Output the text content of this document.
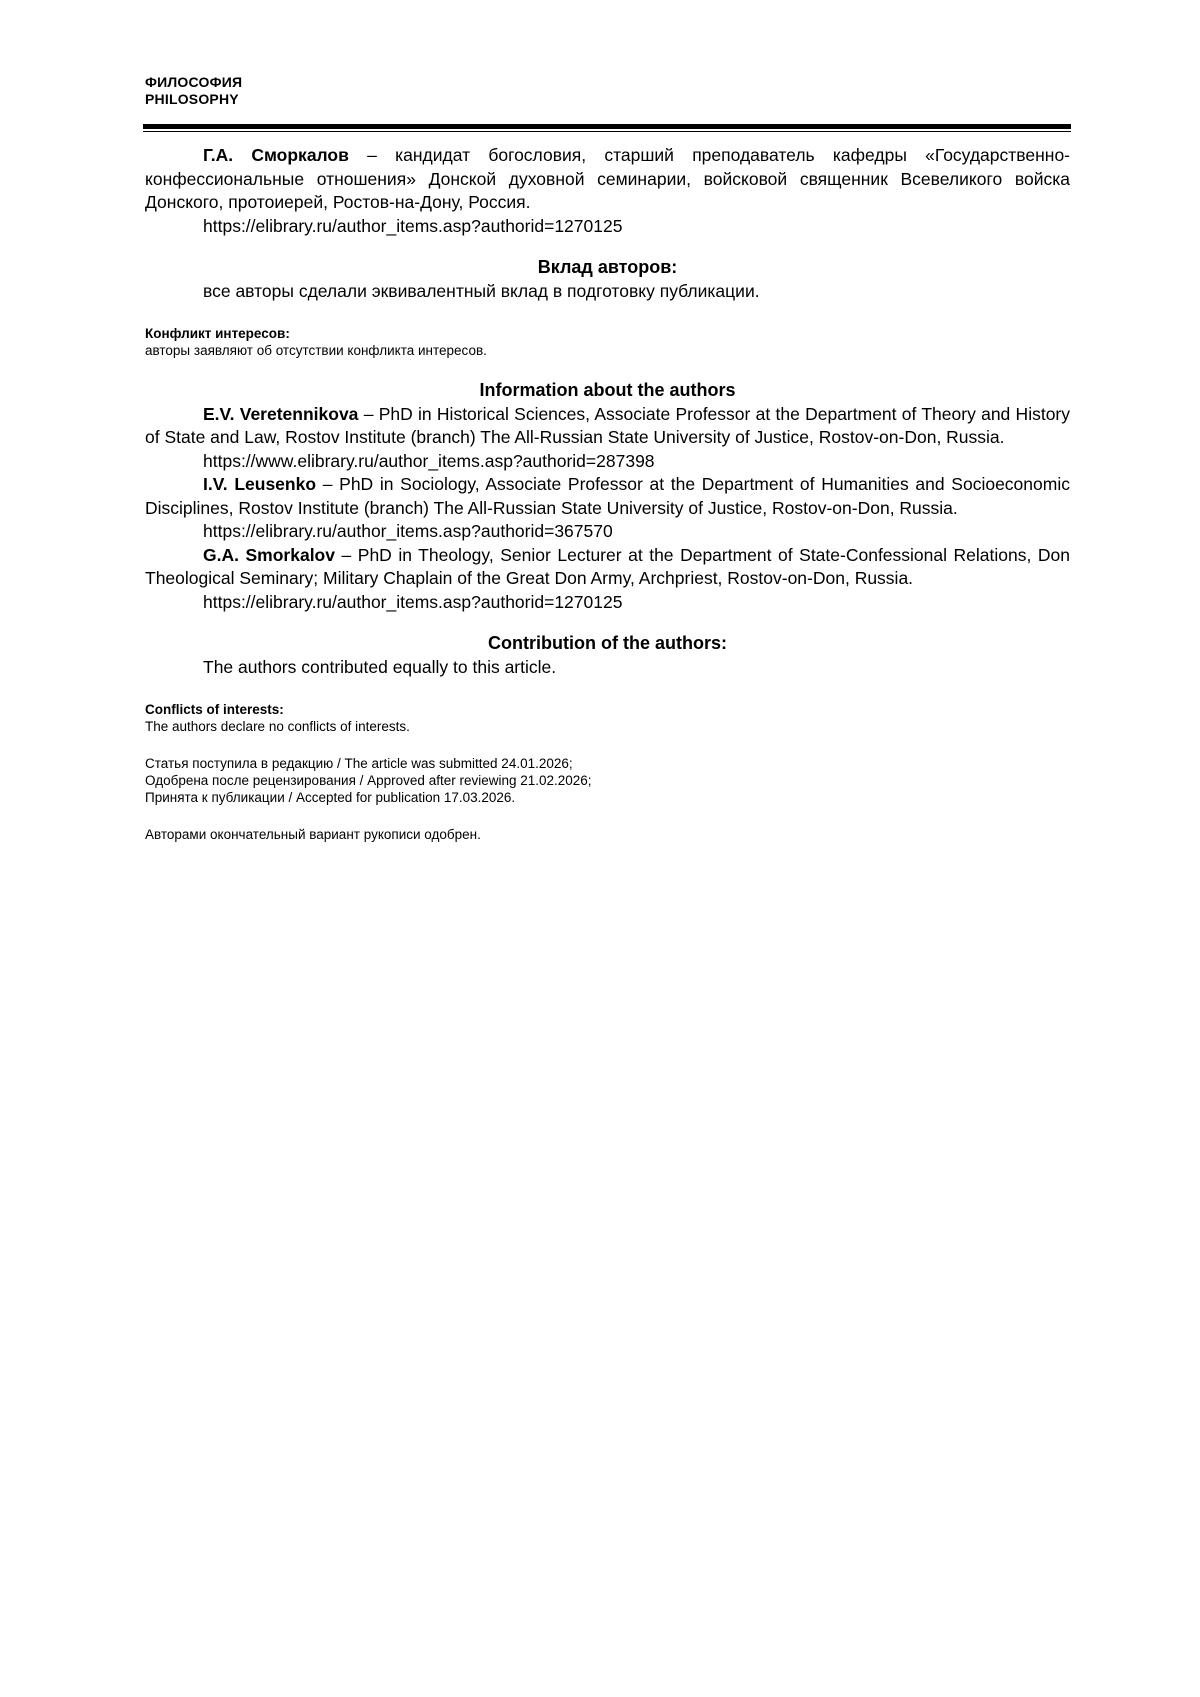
ФИЛОСОФИЯ
PHILOSOPHY

Г.А. Сморкалов – кандидат богословия, старший преподаватель кафедры «Государственно-конфессиональные отношения» Донской духовной семинарии, войсковой священник Всевеликого войска Донского, протоиерей, Ростов-на-Дону, Россия.

https://elibrary.ru/author_items.asp?authorid=1270125

Вклад авторов:

все авторы сделали эквивалентный вклад в подготовку публикации.

Конфликт интересов:

авторы заявляют об отсутствии конфликта интересов.

Information about the authors

E.V. Veretennikova – PhD in Historical Sciences, Associate Professor at the Department of Theory and History of State and Law, Rostov Institute (branch) The All-Russian State University of Justice, Rostov-on-Don, Russia.

https://www.elibrary.ru/author_items.asp?authorid=287398

I.V. Leusenko – PhD in Sociology, Associate Professor at the Department of Humanities and Socioeconomic Disciplines, Rostov Institute (branch) The All-Russian State University of Justice, Rostov-on-Don, Russia.

https://elibrary.ru/author_items.asp?authorid=367570

G.A. Smorkalov – PhD in Theology, Senior Lecturer at the Department of State-Confessional Relations, Don Theological Seminary; Military Chaplain of the Great Don Army, Archpriest, Rostov-on-Don, Russia.

https://elibrary.ru/author_items.asp?authorid=1270125

Contribution of the authors:

The authors contributed equally to this article.

Conflicts of interests:

The authors declare no conflicts of interests.

Статья поступила в редакцию / The article was submitted 24.01.2026;

Одобрена после рецензирования / Approved after reviewing 21.02.2026;

Принята к публикации / Accepted for publication 17.03.2026.

Авторами окончательный вариант рукописи одобрен.
